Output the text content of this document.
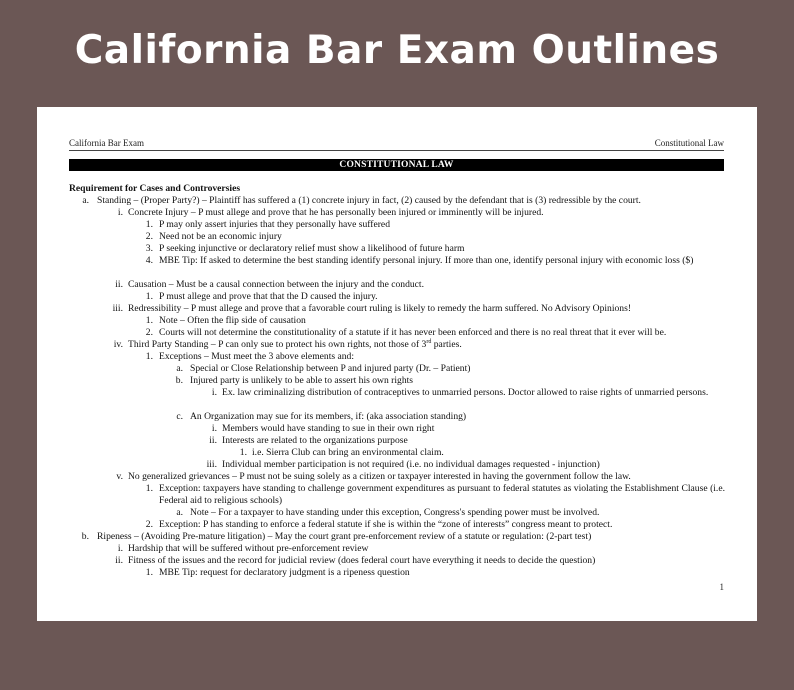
California Bar Exam Outlines
California Bar Exam	Constitutional Law
CONSTITUTIONAL LAW
Requirement for Cases and Controversies
a. Standing – (Proper Party?) – Plaintiff has suffered a (1) concrete injury in fact, (2) caused by the defendant that is (3) redressible by the court.
i. Concrete Injury – P must allege and prove that he has personally been injured or imminently will be injured.
1. P may only assert injuries that they personally have suffered
2. Need not be an economic injury
3. P seeking injunctive or declaratory relief must show a likelihood of future harm
4. MBE Tip: If asked to determine the best standing identify personal injury. If more than one, identify personal injury with economic loss ($)
ii. Causation – Must be a causal connection between the injury and the conduct.
1. P must allege and prove that that the D caused the injury.
iii. Redressibility – P must allege and prove that a favorable court ruling is likely to remedy the harm suffered. No Advisory Opinions!
1. Note – Often the flip side of causation
2. Courts will not determine the constitutionality of a statute if it has never been enforced and there is no real threat that it ever will be.
iv. Third Party Standing – P can only sue to protect his own rights, not those of 3rd parties.
1. Exceptions – Must meet the 3 above elements and:
a. Special or Close Relationship between P and injured party (Dr. – Patient)
b. Injured party is unlikely to be able to assert his own rights
i. Ex. law criminalizing distribution of contraceptives to unmarried persons. Doctor allowed to raise rights of unmarried persons.
c. An Organization may sue for its members, if: (aka association standing)
i. Members would have standing to sue in their own right
ii. Interests are related to the organizations purpose
1. i.e. Sierra Club can bring an environmental claim.
iii. Individual member participation is not required (i.e. no individual damages requested - injunction)
v. No generalized grievances – P must not be suing solely as a citizen or taxpayer interested in having the government follow the law.
1. Exception: taxpayers have standing to challenge government expenditures as pursuant to federal statutes as violating the Establishment Clause (i.e. Federal aid to religious schools)
a. Note – For a taxpayer to have standing under this exception, Congress's spending power must be involved.
2. Exception: P has standing to enforce a federal statute if she is within the “zone of interests” congress meant to protect.
b. Ripeness – (Avoiding Pre-mature litigation) – May the court grant pre-enforcement review of a statute or regulation: (2-part test)
i. Hardship that will be suffered without pre-enforcement review
ii. Fitness of the issues and the record for judicial review (does federal court have everything it needs to decide the question)
1. MBE Tip: request for declaratory judgment is a ripeness question
1
